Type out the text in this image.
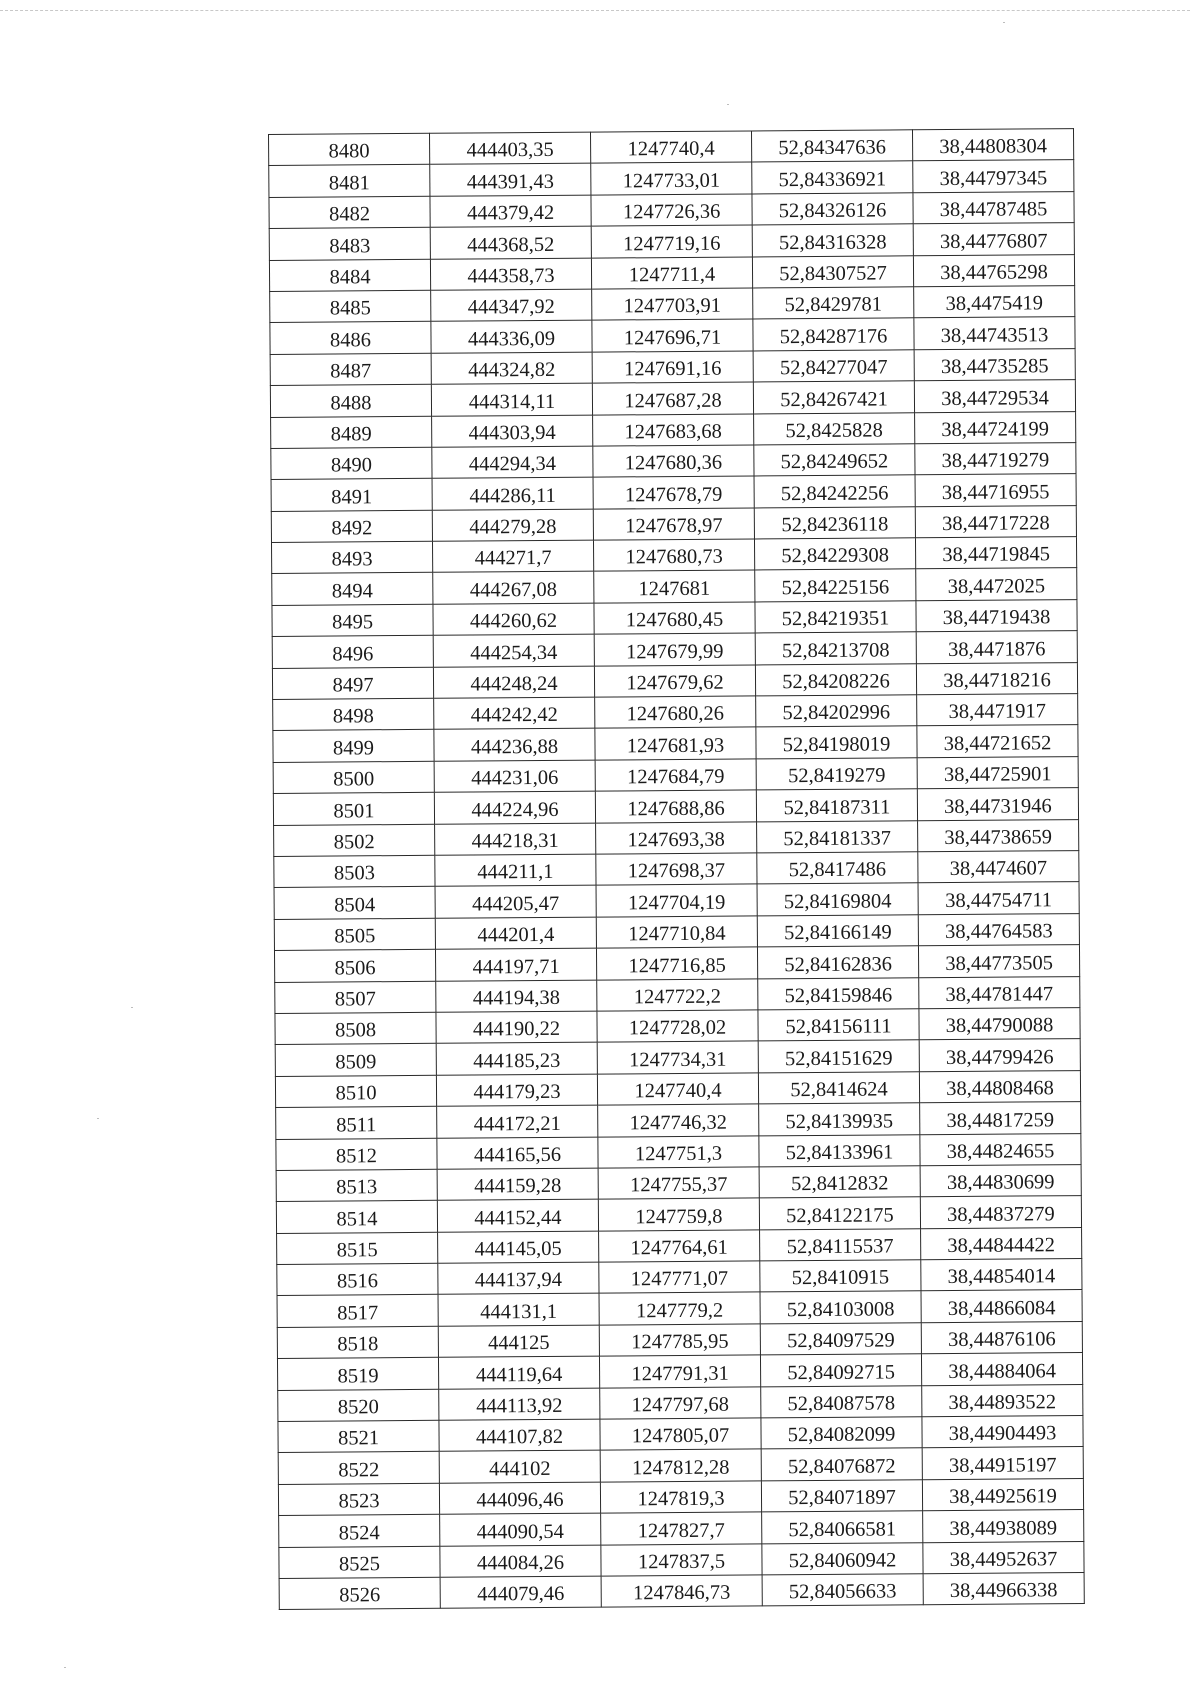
8480	444403,35	1247740,4	52,84347636	38,44808304
8481	444391,43	1247733,01	52,84336921	38,44797345
8482	444379,42	1247726,36	52,84326126	38,44787485
8483	444368,52	1247719,16	52,84316328	38,44776807
8484	444358,73	1247711,4	52,84307527	38,44765298
8485	444347,92	1247703,91	52,8429781	38,4475419
8486	444336,09	1247696,71	52,84287176	38,44743513
8487	444324,82	1247691,16	52,84277047	38,44735285
8488	444314,11	1247687,28	52,84267421	38,44729534
8489	444303,94	1247683,68	52,8425828	38,44724199
8490	444294,34	1247680,36	52,84249652	38,44719279
8491	444286,11	1247678,79	52,84242256	38,44716955
8492	444279,28	1247678,97	52,84236118	38,44717228
8493	444271,7	1247680,73	52,84229308	38,44719845
8494	444267,08	1247681	52,84225156	38,4472025
8495	444260,62	1247680,45	52,84219351	38,44719438
8496	444254,34	1247679,99	52,84213708	38,4471876
8497	444248,24	1247679,62	52,84208226	38,44718216
8498	444242,42	1247680,26	52,84202996	38,4471917
8499	444236,88	1247681,93	52,84198019	38,44721652
8500	444231,06	1247684,79	52,8419279	38,44725901
8501	444224,96	1247688,86	52,84187311	38,44731946
8502	444218,31	1247693,38	52,84181337	38,44738659
8503	444211,1	1247698,37	52,8417486	38,4474607
8504	444205,47	1247704,19	52,84169804	38,44754711
8505	444201,4	1247710,84	52,84166149	38,44764583
8506	444197,71	1247716,85	52,84162836	38,44773505
8507	444194,38	1247722,2	52,84159846	38,44781447
8508	444190,22	1247728,02	52,84156111	38,44790088
8509	444185,23	1247734,31	52,84151629	38,44799426
8510	444179,23	1247740,4	52,8414624	38,44808468
8511	444172,21	1247746,32	52,84139935	38,44817259
8512	444165,56	1247751,3	52,84133961	38,44824655
8513	444159,28	1247755,37	52,8412832	38,44830699
8514	444152,44	1247759,8	52,84122175	38,44837279
8515	444145,05	1247764,61	52,84115537	38,44844422
8516	444137,94	1247771,07	52,8410915	38,44854014
8517	444131,1	1247779,2	52,84103008	38,44866084
8518	444125	1247785,95	52,84097529	38,44876106
8519	444119,64	1247791,31	52,84092715	38,44884064
8520	444113,92	1247797,68	52,84087578	38,44893522
8521	444107,82	1247805,07	52,84082099	38,44904493
8522	444102	1247812,28	52,84076872	38,44915197
8523	444096,46	1247819,3	52,84071897	38,44925619
8524	444090,54	1247827,7	52,84066581	38,44938089
8525	444084,26	1247837,5	52,84060942	38,44952637
8526	444079,46	1247846,73	52,84056633	38,44966338
